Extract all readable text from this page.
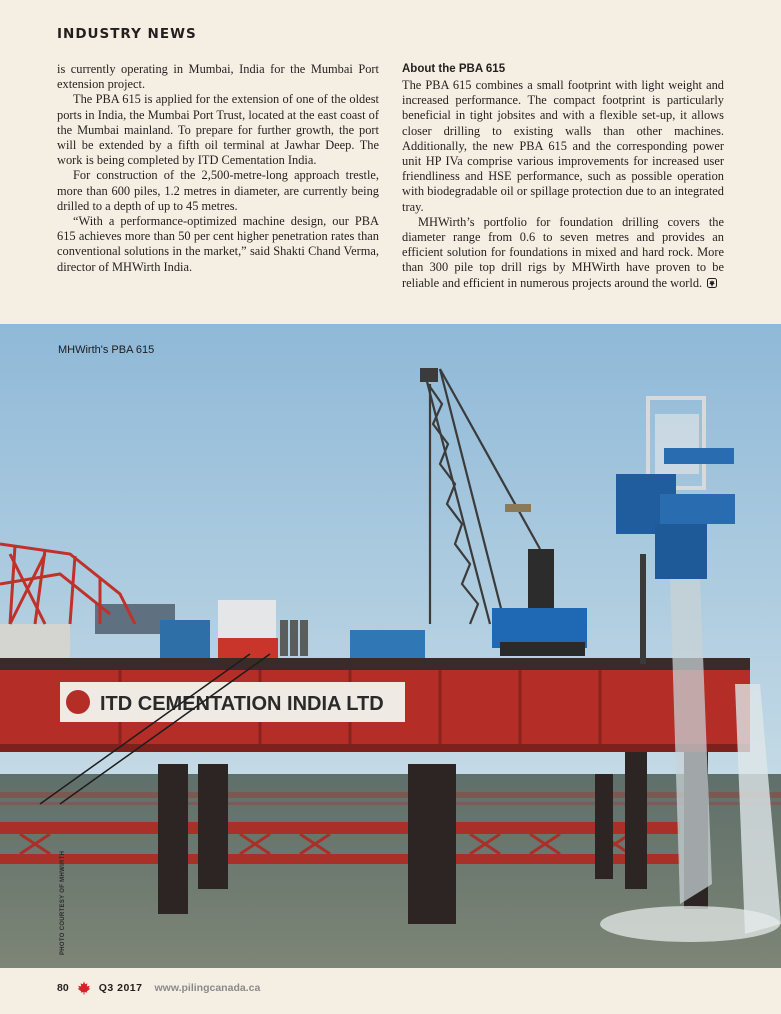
INDUSTRY NEWS

is currently operating in Mumbai, India for the Mumbai Port extension project.

The PBA 615 is applied for the extension of one of the oldest ports in India, the Mumbai Port Trust, located at the east coast of the Mumbai mainland. To prepare for further growth, the port will be extended by a fifth oil terminal at Jawhar Deep. The work is being completed by ITD Cementation India.

For construction of the 2,500-metre-long approach trestle, more than 600 piles, 1.2 metres in diameter, are currently being drilled to a depth of up to 45 metres.

“With a performance-optimized machine design, our PBA 615 achieves more than 50 per cent higher penetration rates than conventional solutions in the market,” said Shakti Chand Verma, director of MHWirth India.

About the PBA 615

The PBA 615 combines a small footprint with light weight and increased performance. The compact footprint is particularly beneficial in tight jobsites and with a flexible set-up, it allows closer drilling to existing walls than other machines. Additionally, the new PBA 615 and the corresponding power unit HP IVa comprise various improvements for increased user friendliness and HSE performance, such as possible operation with biodegradable oil or spillage protection due to an integrated tray.

MHWirth’s portfolio for foundation drilling covers the diameter range from 0.6 to seven metres and provides an efficient solution for foundations in mixed and hard rock. More than 300 pile top drill rigs by MHWirth have proven to be reliable and efficient in numerous projects around the world.

ITD CEMENTATION INDIA LTD
MHWirth's PBA 615
PHOTO COURTESY OF MHWIRTH
80	Q3 2017 www.pilingcanada.ca
